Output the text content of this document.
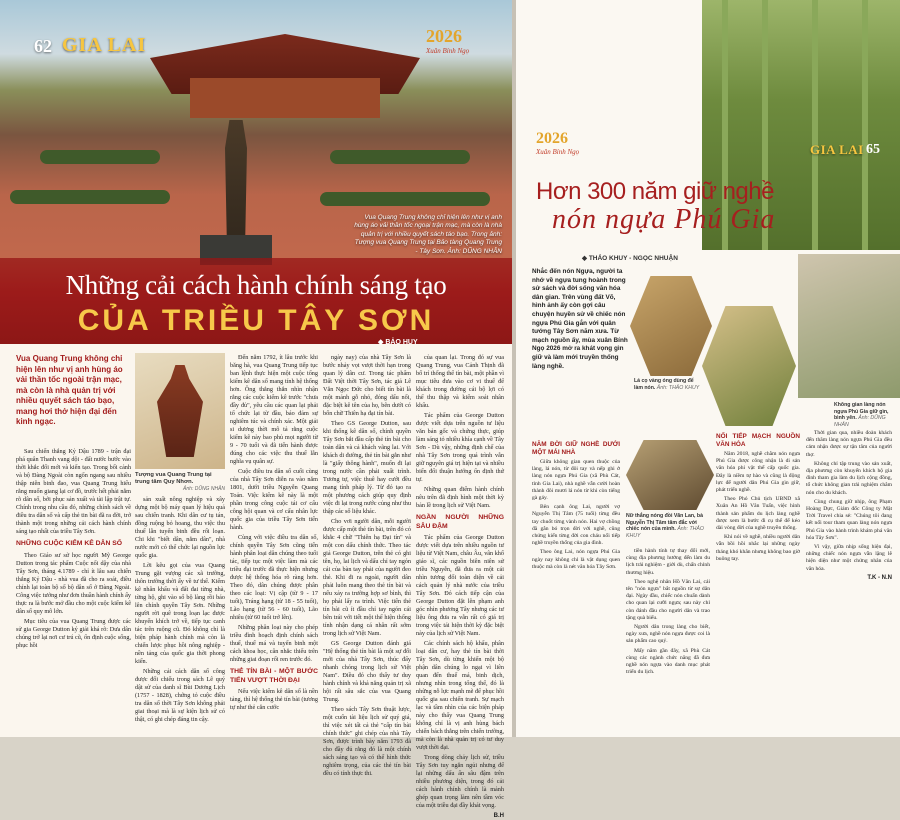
62 GIA LAI	2026
Xuân Bính Ngọ
Vua Quang Trung không chỉ hiện lên như vị anh hùng áo vải thần tốc ngoại trận mạc, mà còn là nhà quản trị với nhiều quyết sách táo bạo. Trong ảnh: Tượng vua Quang Trung tại Bảo tàng Quang Trung - Tây Sơn. Ảnh: DŨNG NHÂN
Những cải cách hành chính sáng tạo
CỦA TRIỀU TÂY SƠN
◆ BẢO HUY
Vua Quang Trung không chỉ hiện lên như vị anh hùng áo vải thần tốc ngoài trận mạc, mà còn là nhà quản trị với nhiều quyết sách táo bạo, mang hơi thở hiện đại đến kinh ngạc.
Tượng vua Quang Trung tại trung tâm Quy Nhơn.
Ảnh: DŨNG NHÂN

Sau chiến thắng Kỷ Dậu 1789 - trận đại phá quân Thanh vang dội - đất nước bước vào thời khắc đối mới và kiến tạo. Trong bối cảnh và bộ Đàng Ngoài còn ngổn ngang sau nhiều thập niên binh đao, vua Quang Trung hiểu rằng muốn giang lại cơ đồ, trước hết phải nắm rõ dân số, bởi phục sản xuất và tài lập trật tự. Chính trong nhu cầu đó, những chính sách về điều tra dân số và cấp thẻ tin bài đã ra đời, trở thành một trong những cải cách hành chính sáng tạo nhất của triều Tây Sơn.

NHỮNG CUỘC KIỂM KÊ DÂN SỐ

Theo Giáo sư sử học người Mỹ George Dutton trong tác phẩm Cuộc nổi dậy của nhà Tây Sơn, tháng 4.1789 - chỉ ít lâu sau chiến thắng Kỷ Dậu - nhà vua đã cho ra soát, điều chỉnh lại toàn bộ sổ bộ dân số ở Đàng Ngoài. Công việc tưởng như đơn thuần hành chính ấy thực ra là bước mở đầu cho một cuộc kiểm kê dân số quy mô lớn.

Mục tiêu của vua Quang Trung được các sử gia George Dutton ký giải khá rõ: Dưa dân chúng trở lại nơi cư trú cũ, ổn định cuộc sống, phục hồi

sản xuất nông nghiệp và xây dựng một bộ máy quan lý hiệu quả sau chiến tranh. Khi dân cư tụ tán, đồng ruộng bỏ hoang, thu việc thu thuế lẫn tuyển binh đều rối loạn. Chi khi "biết dân, nắm dân", nhà nước mới có thể chức lại nguồn lực quốc gia.

Lời kêu gọi của vua Quang Trung gặt vượng các xã trường, thôn trường thời ấy về tư thế. Kiểm kê nhân khẩu và đất đai từng nhà, từng hộ, ghi vào sổ bộ làng rồi báo lên chính quyền Tây Sơn. Những người rời quê trong loạn lạc được khuyến khích trở về, tiếp tục canh tác trên ruộng cũ. Đó không chỉ là biện pháp hành chính mà còn là chiến lược phục hồi nông nghiệp - nền tảng của quốc gia thời phong kiến.

Những cải cách dân số công được đối chiếu trong sách Lê quý dật sử của danh sĩ Bùi Dương Lịch (1757 - 1828), chứng tỏ cuộc điều tra dân số thời Tây Sơn không phải giai thoại mà là sự kiện lịch sử có thật, có ghi chép đáng tin cậy.

Đến năm 1792, ít lâu trước khi băng hà, vua Quang Trung tiếp tục ban lệnh thực hiện một cuộc tổng kiểm kê dân số mang tính hệ thống hơn. Ông thẳng thắn nhìn nhận rằng các cuộc kiểm kê trước "chưa đầy đủ", yêu cầu các quan lại phải tổ chức lại từ đầu, báo đảm sự nghiêm túc và chính xác. Một giải si dương thời mô tả rằng cuộc kiểm kê này bao phủ mọi người từ 9 - 70 tuổi và đã tiến hành được đúng cho các việc thu thuế lẫn nghĩa vụ quân sự.

Cuộc điều tra dân số cuối cùng của nhà Tây Sơn diễn ra vào năm 1801, dưới triều Nguyễn Quang Toản. Việc kiểm kê này là một phần trong công cuộc tái cơ cấu công hội quan và cơ cấu nhân lực quốc gia của triều Tây Sơn tiến hành.

Cùng với việc điều tra dân số, chính quyền Tây Sơn cũng tiến hành phân loại dân chúng theo tuổi tác, tiếp tục một việc làm mà các triều đại trước đã thực hiện nhưng được hệ thống hóa rõ ràng hơn. Theo đó, dân chúng được phân theo các loại: Vị cập (từ 9 - 17 tuổi), Tráng hạng (từ 18 - 55 tuổi), Lão hạng (từ 56 - 60 tuổi), Lão nhiêu (từ 60 tuổi trở lên).

Những phân loại này cho phép triều đình hoạch định chính sách thuế, thuế má và tuyển binh một cách khoa học, cân nhắc thiếu trên những giai đoạn rối ren trước đó.

THẺ TÍN BÀI - MỘT BƯỚC TIẾN VƯỢT THỜI ĐẠI

Nếu việc kiểm kê dân số là nền tảng, thì hệ thống thẻ tín bài (tương tự như thẻ căn cước

ngày nay) của nhà Tây Sơn là bước nhảy vọt vượt thời hạn trong quan lý dân cư. Trong tác phẩm Đất Việt thời Tây Sơn, tác giả Lê Văn Ngọc Đức cho biết tín bài là một mảnh gỗ nhỏ, đóng dấu nối, đặc biệt kê tên của họ, bên dưới có bốn chữ Thiên hạ đại tín bài.

Theo GS George Dutton, sau khi thống kê dân số, chính quyền Tây Sơn bắt đầu cấp thẻ tín bài cho toàn dân và cả khách vãng lai. Với khách di đường, thẻ tín bài gắn như là "giấy thông hành", muốn đi lại trong nước cần phải xuất trình. Tương tự, việc thuê hay cưới đều mang tính pháp lý. Từ đó tạo ra một phương cách giúp quy định việc đi lại trong nước củng như thu thập các số liệu khác.

Cho vơi người dân, mỗi người được cấp một thẻ tín bài, trên đó có khắc 4 chữ "Thiên hạ Đại tín" và một con dấu chính thức. Theo tác giả George Dutton, trên thẻ có ghi tên, họ, lai lịch và dấu chỉ tay ngón cái của bàn tay phải của người đeo thẻ. Khi đi ra ngoài, người dân phải luôn mang theo thẻ tín bài và nếu xảy ra trường hợp sơ bình, thì họ phải lấy ra trình. Việc tiến thẻ tín bài cũ ít đầu chỉ tay ngón cái bên trái với tiết một thể hiện thống tính nhận dạng cá nhân rất sớm trong lịch sử Việt Nam.

GS George Dutton đánh giá "Hệ thống thẻ tín bài là một sự đối mới của nhà Tây Sơn, thúc đẩy nhanh chóng trong lịch sử Việt Nam". Điều đó cho thấy tư duy hành chính và khả năng quản trị xã hội rất sâu sắc của vua Quang Trung.

Theo sách Tây Sơn thuật lược, một cuốn tài liệu lịch sử quý giá, thì việc xét tất cả thẻ "cấp tín bài chính thức" ghi chép của nhà Tây Sơn, được trình bày năm 1793 đã cho đầy đủ rằng đó là một chính sách sáng tạo và có thể hình thức nghiêm trọng, của các thẻ tín bài đều có tính thực thi.

của quan lại. Trong đó sự vua Quang Trung, vua Cảnh Thịnh đã bố trí thống thể tín bài, một phần vì mục tiêu đưa vào cơ vi thuế để khách trong đường cái bộ lợi có thể thu thập và kiểm soát nhân khẩu.

Tác phẩm của George Dutton được viết dựa trên nguồn tư liệu văn bản gốc và chứng thực, giúp làm sáng tỏ nhiều khía cạnh về Tây Sơn - Dù vậy, những định chế của nhà Tây Sơn trong quá trình vẫn giữ nguyên giá trị hiện tại và nhiều biến đổi thuận hướng ổn định thứ tự.

Những quan điểm hành chính nêu trên đã định hình một thời kỳ bản lề trong lịch sử Việt Nam.

NGẦN NGƯỜI NHỮNG SÂU ĐẬM

Tác phẩm của George Dutton được viết dựa trên nhiều nguồn tư liệu từ Việt Nam, châu Âu, vân khố giáo sĩ, các nguồn biên niên sử triều Nguyễn, đã đưa ra một cái nhìn tương đối toàn diện về cải cách quản lý nhà nước của triều Tây Sơn. Đó cách tiếp cận của George Dutton đặt lên phạm anh góc nhìn phương Tây nhưng các tư liệu ông đưa ra vẫn rất có giá trị trong việc tái hiện thời kỳ đặc biệt này của lịch sử Việt Nam.

Các chính sách hộ khẩu, phân loại dân cư, hay thẻ tín bài thời Tây Sơn, dù từng khiến một bộ phận dân chúng lo ngại vì liên quan đến thuế má, binh dịch, nhưng nhìn trong tổng thể, đó là những nỗ lực mạnh mẽ để phục hồi quốc gia sau chiến tranh. Sự mạch lạc và tầm nhìn của các biện pháp này cho thấy vua Quang Trung không chỉ là vị anh hùng bách chiến bách thắng trên chiến trường, mà còn là nhà quản trị có tư duy vượt thời đại.

Trong dòng chảy lịch sử, triều Tây Sơn tuy ngắn ngủi nhưng để lại những dấu ấn sâu đậm trên nhiều phương diện, trong đó cải cách hành chính chính là mảnh ghép quan trọng làm nên tầm vóc của một triều đại đầy khát vọng.

B.H
2026
Xuân Bính Ngọ	GIA LAI 65
Hơn 300 năm giữ nghề
nón ngựa Phú Gia
◆ THẢO KHUY - NGỌC NHUẬN
Nhắc đến nón Ngựa, người ta nhớ về ngựa tung hoành trong sử sách và đời sống văn hóa dân gian. Trên vùng đất Võ, hình ảnh ấy còn gợi câu chuyện huyền sử về chiếc nón ngựa Phú Gia gắn với quân tướng Tây Sơn năm xưa. Từ mạch nguồn ấy, mùa xuân Bính Ngọ 2026 mở ra khát vọng gìn giữ và làm mới truyền thống làng nghề.
Lá cọ vàng óng dùng để làm nón. Ảnh: THẢO KHUY
Không gian làng nón ngựa Phú Gia giữ gìn, bình yên. Ảnh: DŨNG NHÂN
Nữ thắng nóng đồi Văn Lan, bà Nguyễn Thị Tâm tâm đắc với chiếc nón của mình. Ảnh: THẢO KHUY
NĂM ĐỜI GIỮ NGHỀ DƯỚI MỘT MÁI NHÀ

Giữa không gian quen thuộc của làng, lá nón, từ đôi tay và nếp ghi ở làng nón ngựa Phú Gia (xã Phù Cát, tỉnh Gia Lai), nhà nghề vẫn cười hoàn thành đôi mươi lá nón từ khi còn tiếng gà gáy.

Bên cạnh ông Lai, người vợ Nguyễn Thị Tâm (75 tuổi) từng đều tay chuốt từng vành nón. Hai vợ chồng đã gắn bó trọn đời với nghề, cũng chứng kiến từng đời con cháu nối tiếp nghề truyền thống của gia đình.

Theo ông Lai, nón ngựa Phú Gia ngày nay không chỉ là vật dụng quen thuộc mà còn là nét văn hóa Tây Sơn.

tiền hành tính tự thay đổi mới, cùng địa phương hướng đến làm du lịch trải nghiệm - giới dù, chấn chỉnh thương hiệu.

Theo nghệ nhân Hồ Văn Lai, cái tên "nón ngựa" bắt nguồn từ sự dân đại. Ngày đầu, chiếc nón chuẩn dành cho quan lại cưỡi ngựa; sau này chỉ còn đánh đầu cho người dân và trao tặng quà biếu.

Người dân trong làng cho biết, ngày xưa, nghề nón ngựa được coi là sản phẩm cao quý.

Mấy năm gần đây, xã Phù Cát cùng các ngành chức năng đã đưa nghề nón ngựa vào danh mục phát triển du lịch.

NỐI TIẾP MẠCH NGUỒN VĂN HÓA

Năm 2018, nghề chằm nón ngựa Phú Gia được công nhận là di sản văn hóa phi vật thể cấp quốc gia. Đây là niềm tự hào và cũng là động lực để người dân Phú Gia gìn giữ, phát triển nghề.

Theo Phó Chủ tịch UBND xã Xuân An Hồ Văn Tuấn, việc hình thành sản phẩm du lịch làng nghề được xem là bước đi cụ thể để kéo dài vòng đời của nghề truyền thống.

Khi nói về nghề, nhiều người dân vẫn bồi hồi nhắc lại những ngày tháng khó khăn nhưng không bao giờ buông tay.

Thời gian qua, nhiều đoàn khách đến thăm làng nón ngựa Phú Gia đều cảm nhận được sự tận tâm của người thợ.

Không chỉ tập trung vào sản xuất, địa phương còn khuyến khích hộ gia đình tham gia làm du lịch cộng đồng, tổ chức không gian trải nghiệm chằm nón cho du khách.

Cùng chung giữ nhịp, ông Phạm Hoàng Dực, Giám đốc Công ty Mặt Trời Travel chia sẻ: "Chúng tôi đang kết nối tour tham quan làng nón ngựa Phú Gia vào hành trình khám phá văn hóa Tây Sơn".

Vì vậy, giữa nhịp sống hiện đại, những chiếc nón ngựa vẫn lặng lẽ hiện diện như một chứng nhân của văn hóa.

T.K - N.N
